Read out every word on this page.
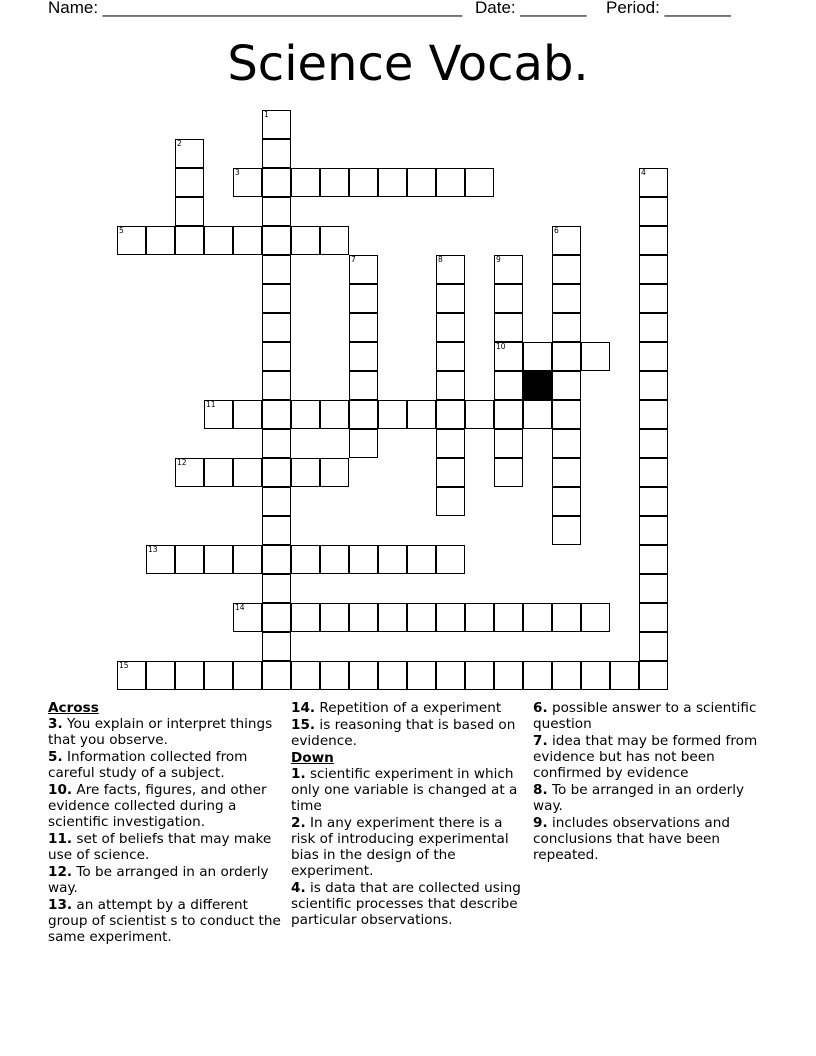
Name: ______________________________________ Date: _______ Period: _______
Science Vocab.
1
2
3	4
5	6
7	8	9
10
11
12
13
14
15
Across
3. You explain or interpret things that you observe.
5. Information collected from careful study of a subject.
10. Are facts, figures, and other evidence collected during a scientific investigation.
11. set of beliefs that may make use of science.
12. To be arranged in an orderly way.
13. an attempt by a different group of scientist s to conduct the same experiment.
14. Repetition of a experiment
15. is reasoning that is based on evidence.
Down
1. scientific experiment in which only one variable is changed at a time
2. In any experiment there is a risk of introducing experimental bias in the design of the experiment.
4. is data that are collected using scientific processes that describe particular observations.
6. possible answer to a scientific question
7. idea that may be formed from evidence but has not been confirmed by evidence
8. To be arranged in an orderly way.
9. includes observations and conclusions that have been repeated.
